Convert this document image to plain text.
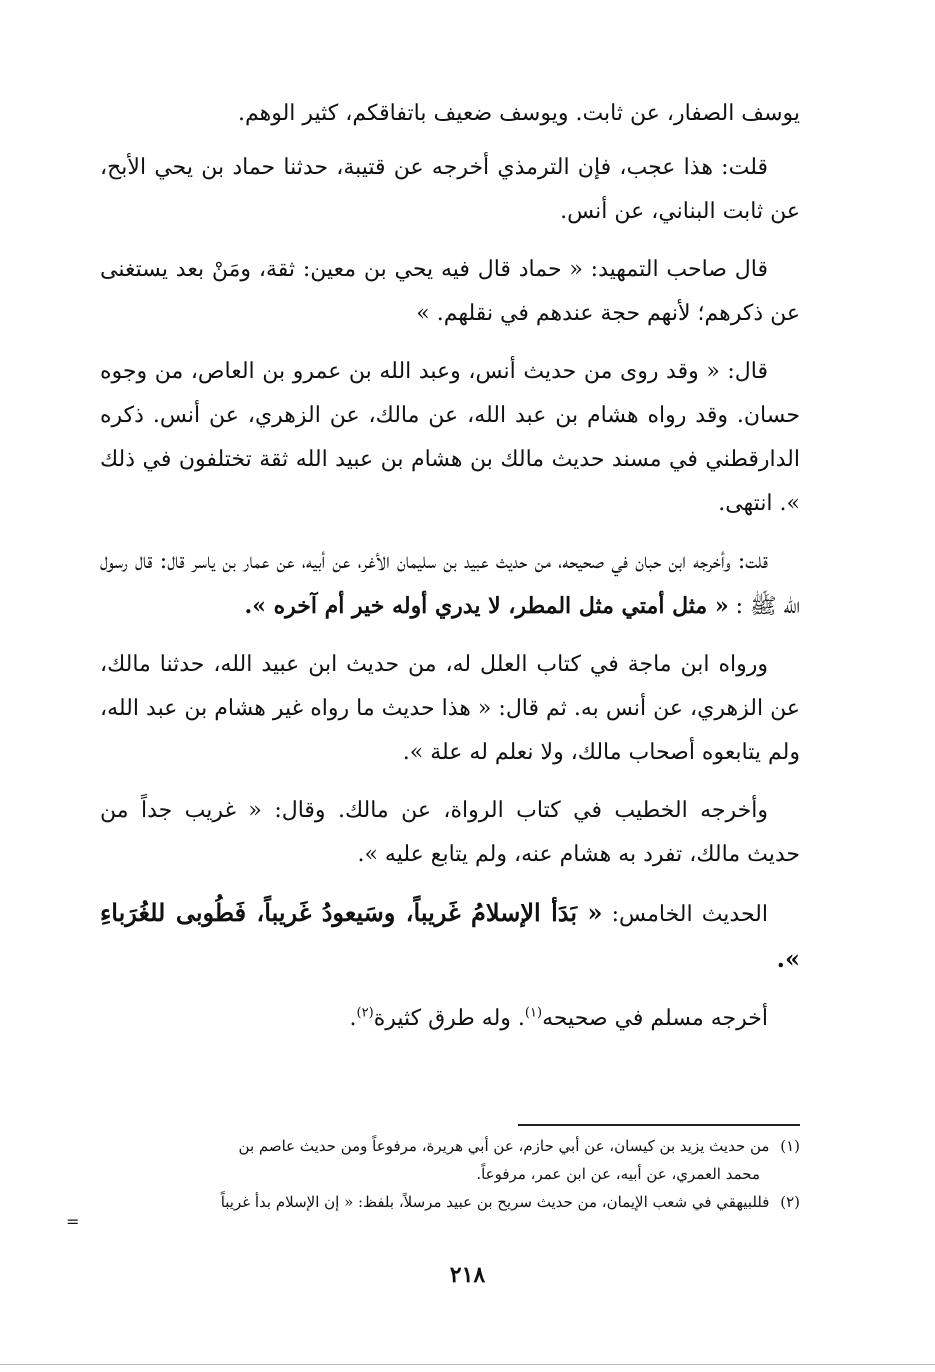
يوسف الصفار، عن ثابت. ويوسف ضعيف باتفاقكم، كثير الوهم.

قلت: هذا عجب، فإن الترمذي أخرجه عن قتيبة، حدثنا حماد بن يحي الأبح، عن ثابت البناني، عن أنس.

قال صاحب التمهيد: « حماد قال فيه يحي بن معين: ثقة، ومَنْ بعد يستغنى عن ذكرهم؛ لأنهم حجة عندهم في نقلهم. »

قال: « وقد روى من حديث أنس، وعبد الله بن عمرو بن العاص، من وجوه حسان. وقد رواه هشام بن عبد الله، عن مالك، عن الزهري، عن أنس. ذكره الدارقطني في مسند حديث مالك بن هشام بن عبيد الله ثقة تختلفون في ذلك ». انتهى.

قلت: وأخرجه ابن حبان في صحيحه، من حديث عبيد بن سليمان الأغر، عن أبيه، عن عمار بن ياسر قال: قال رسول الله ﷺ : « مثل أمتي مثل المطر، لا يدري أوله خير أم آخره ».

ورواه ابن ماجة في كتاب العلل له، من حديث ابن عبيد الله، حدثنا مالك، عن الزهري، عن أنس به. ثم قال: « هذا حديث ما رواه غير هشام بن عبد الله، ولم يتابعوه أصحاب مالك، ولا نعلم له علة ».

وأخرجه الخطيب في كتاب الرواة، عن مالك. وقال: « غريب جداً من حديث مالك، تفرد به هشام عنه، ولم يتابع عليه ».

الحديث الخامس: « بَدَأ الإسلامُ غَريباً، وسَيعودُ غَريباً، فَطُوبى للغُرَباءِ ».

أخرجه مسلم في صحيحه$^{(١)}$. وله طرق كثيرة$^{(٢)}$.

(١) من حديث يزيد بن كيسان، عن أبي حازم، عن أبي هريرة، مرفوعاً ومن حديث عاصم بن

محمد العمري، عن أبيه، عن ابن عمر، مرفوعاً.

(٢) فللبيهقي في شعب الإيمان، من حديث سريح بن عبيد مرسلاً، بلفظ: « إن الإسلام بدأ غريباً

=
٢١٨
